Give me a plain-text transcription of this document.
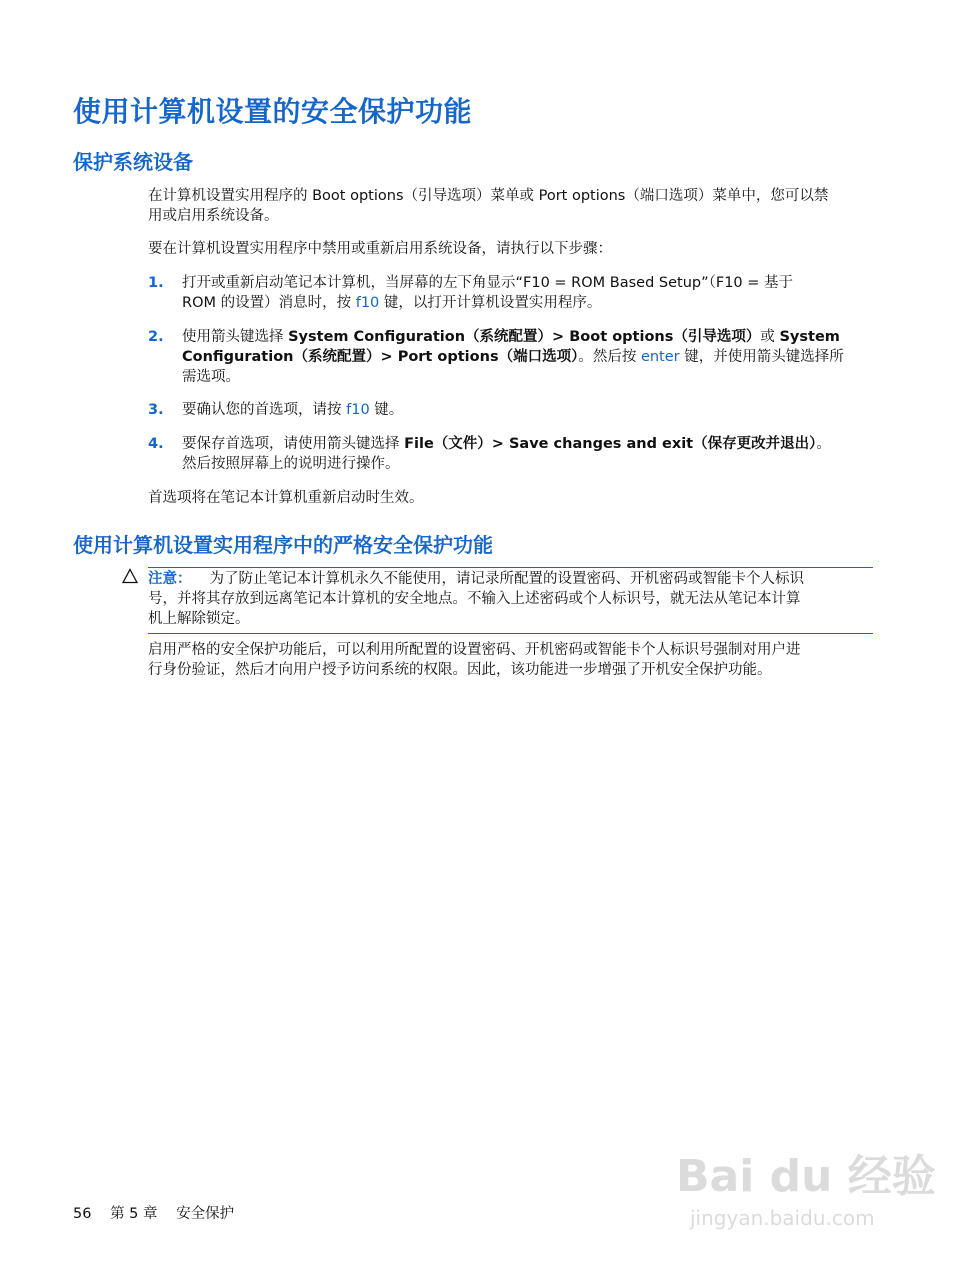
使用计算机设置的安全保护功能
保护系统设备

在计算机设置实用程序的 Boot options（引导选项）菜单或 Port options（端口选项）菜单中，您可以禁
用或启用系统设备。

要在计算机设置实用程序中禁用或重新启用系统设备，请执行以下步骤：

1. 打开或重新启动笔记本计算机，当屏幕的左下角显示“F10 = ROM Based Setup”（F10 = 基于
ROM 的设置）消息时，按 f10 键，以打开计算机设置实用程序。
2. 使用箭头键选择 System Configuration（系统配置）> Boot options（引导选项）或 System
Configuration（系统配置）> Port options（端口选项）。然后按 enter 键，并使用箭头键选择所
需选项。
3. 要确认您的首选项，请按 f10 键。
4. 要保存首选项，请使用箭头键选择 File（文件）> Save changes and exit（保存更改并退出）。
然后按照屏幕上的说明进行操作。

首选项将在笔记本计算机重新启动时生效。

使用计算机设置实用程序中的严格安全保护功能
注意： 为了防止笔记本计算机永久不能使用，请记录所配置的设置密码、开机密码或智能卡个人标识
号，并将其存放到远离笔记本计算机的安全地点。不输入上述密码或个人标识号，就无法从笔记本计算
机上解除锁定。

启用严格的安全保护功能后，可以利用所配置的设置密码、开机密码或智能卡个人标识号强制对用户进
行身份验证，然后才向用户授予访问系统的权限。因此，该功能进一步增强了开机安全保护功能。

56 第 5 章 安全保护
Bai du 经验
jingyan.baidu.com
